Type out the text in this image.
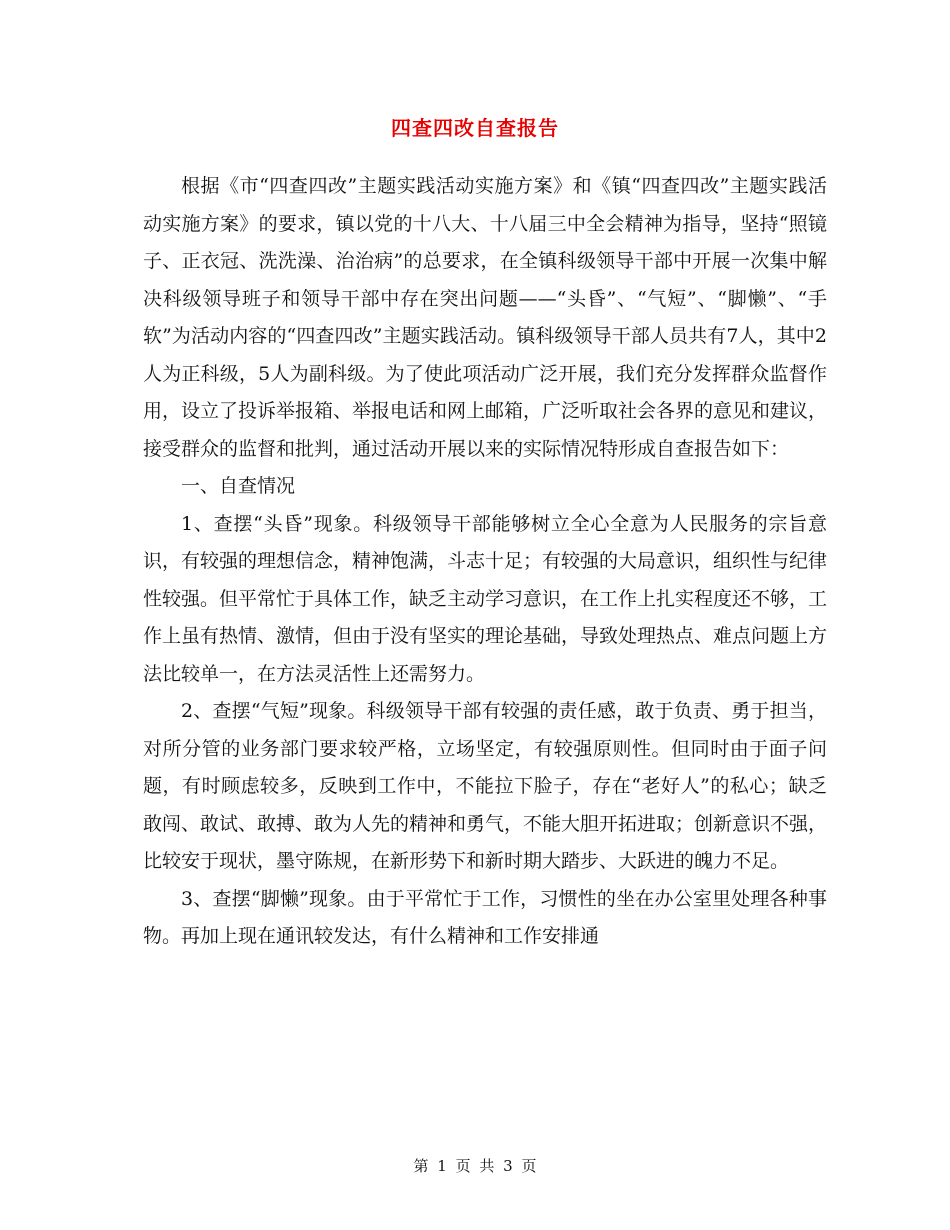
四查四改自查报告

根据《市“四查四改”主题实践活动实施方案》和《镇“四查四改”主题实践活动实施方案》的要求，镇以党的十八大、十八届三中全会精神为指导，坚持“照镜子、正衣冠、洗洗澡、治治病”的总要求，在全镇科级领导干部中开展一次集中解决科级领导班子和领导干部中存在突出问题——“头昏”、“气短”、“脚懒”、“手软”为活动内容的“四查四改”主题实践活动。镇科级领导干部人员共有7人，其中2人为正科级，5人为副科级。为了使此项活动广泛开展，我们充分发挥群众监督作用，设立了投诉举报箱、举报电话和网上邮箱，广泛听取社会各界的意见和建议，接受群众的监督和批判，通过活动开展以来的实际情况特形成自查报告如下：

一、自查情况

1、查摆“头昏”现象。科级领导干部能够树立全心全意为人民服务的宗旨意识，有较强的理想信念，精神饱满，斗志十足；有较强的大局意识，组织性与纪律性较强。但平常忙于具体工作，缺乏主动学习意识，在工作上扎实程度还不够，工作上虽有热情、激情，但由于没有坚实的理论基础，导致处理热点、难点问题上方法比较单一，在方法灵活性上还需努力。

2、查摆“气短”现象。科级领导干部有较强的责任感，敢于负责、勇于担当，对所分管的业务部门要求较严格，立场坚定，有较强原则性。但同时由于面子问题，有时顾虑较多，反映到工作中，不能拉下脸子，存在“老好人”的私心；缺乏敢闯、敢试、敢搏、敢为人先的精神和勇气，不能大胆开拓进取；创新意识不强，比较安于现状，墨守陈规，在新形势下和新时期大踏步、大跃进的魄力不足。

3、查摆“脚懒”现象。由于平常忙于工作，习惯性的坐在办公室里处理各种事物。再加上现在通讯较发达，有什么精神和工作安排通

第 1 页 共 3 页
